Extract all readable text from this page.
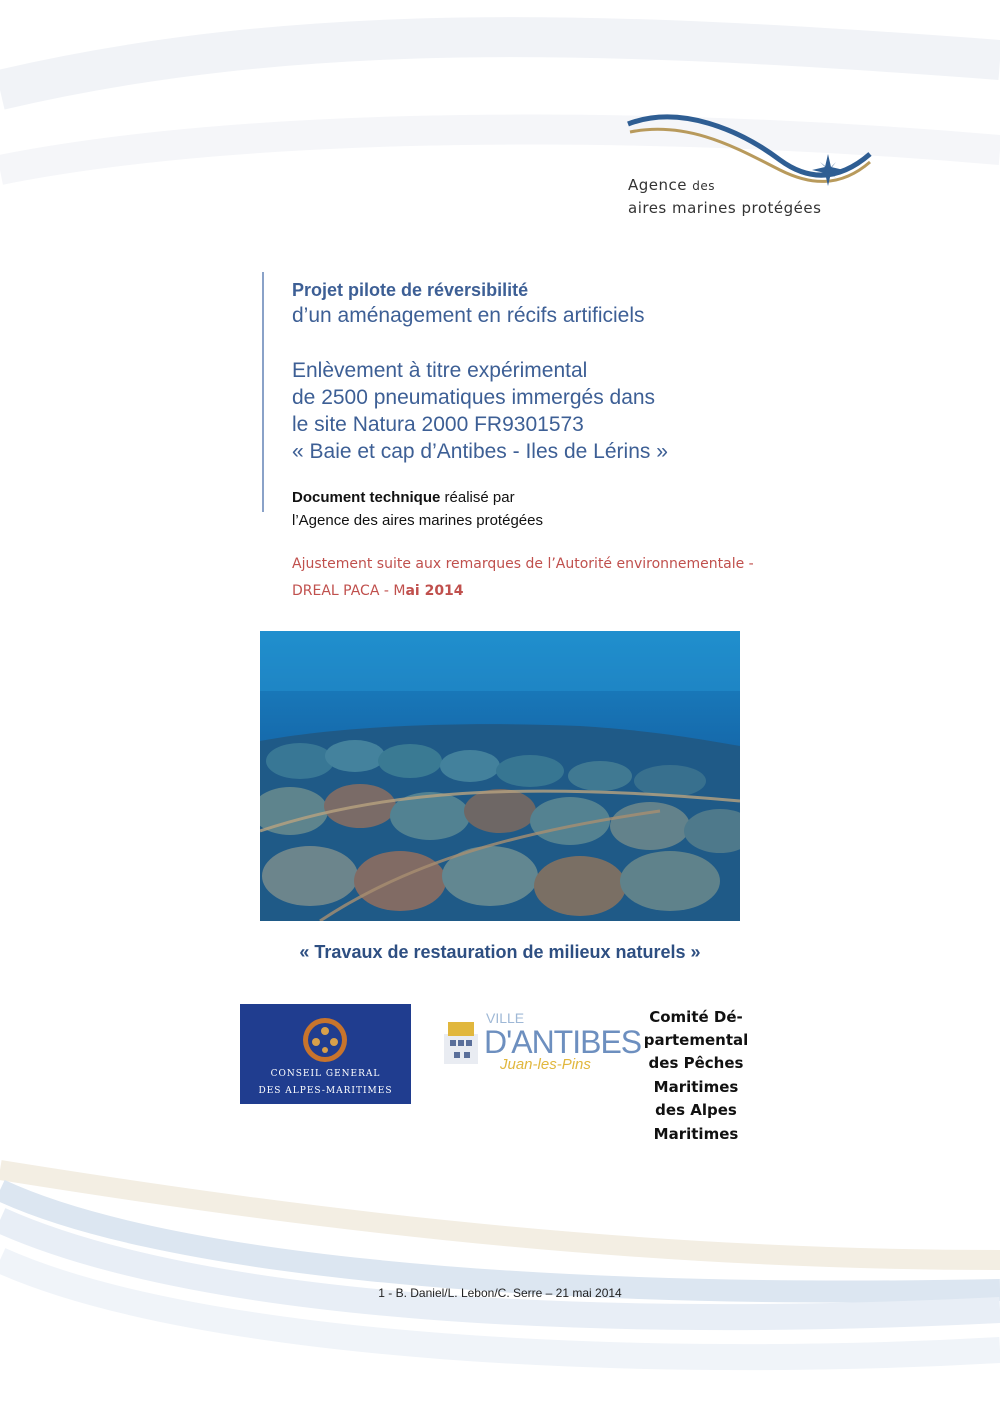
Agence des
aires marines protégées
Projet pilote de réversibilité
d’un aménagement en récifs artificiels
Enlèvement à titre expérimental
de 2500 pneumatiques immergés dans
le site Natura 2000 FR9301573
« Baie et cap d’Antibes - Iles de Lérins »
Document technique réalisé par
l’Agence des aires marines protégées
Ajustement suite aux remarques de l’Autorité environnementale -
DREAL PACA - Mai 2014
« Travaux de restauration de milieux naturels »
CONSEIL GENERAL
DES ALPES-MARITIMES
VILLE
D'ANTIBES
Juan-les-Pins
Comité Dé-
partemental
des Pêches
Maritimes
des Alpes
Maritimes
1 - B. Daniel/L. Lebon/C. Serre – 21 mai 2014
